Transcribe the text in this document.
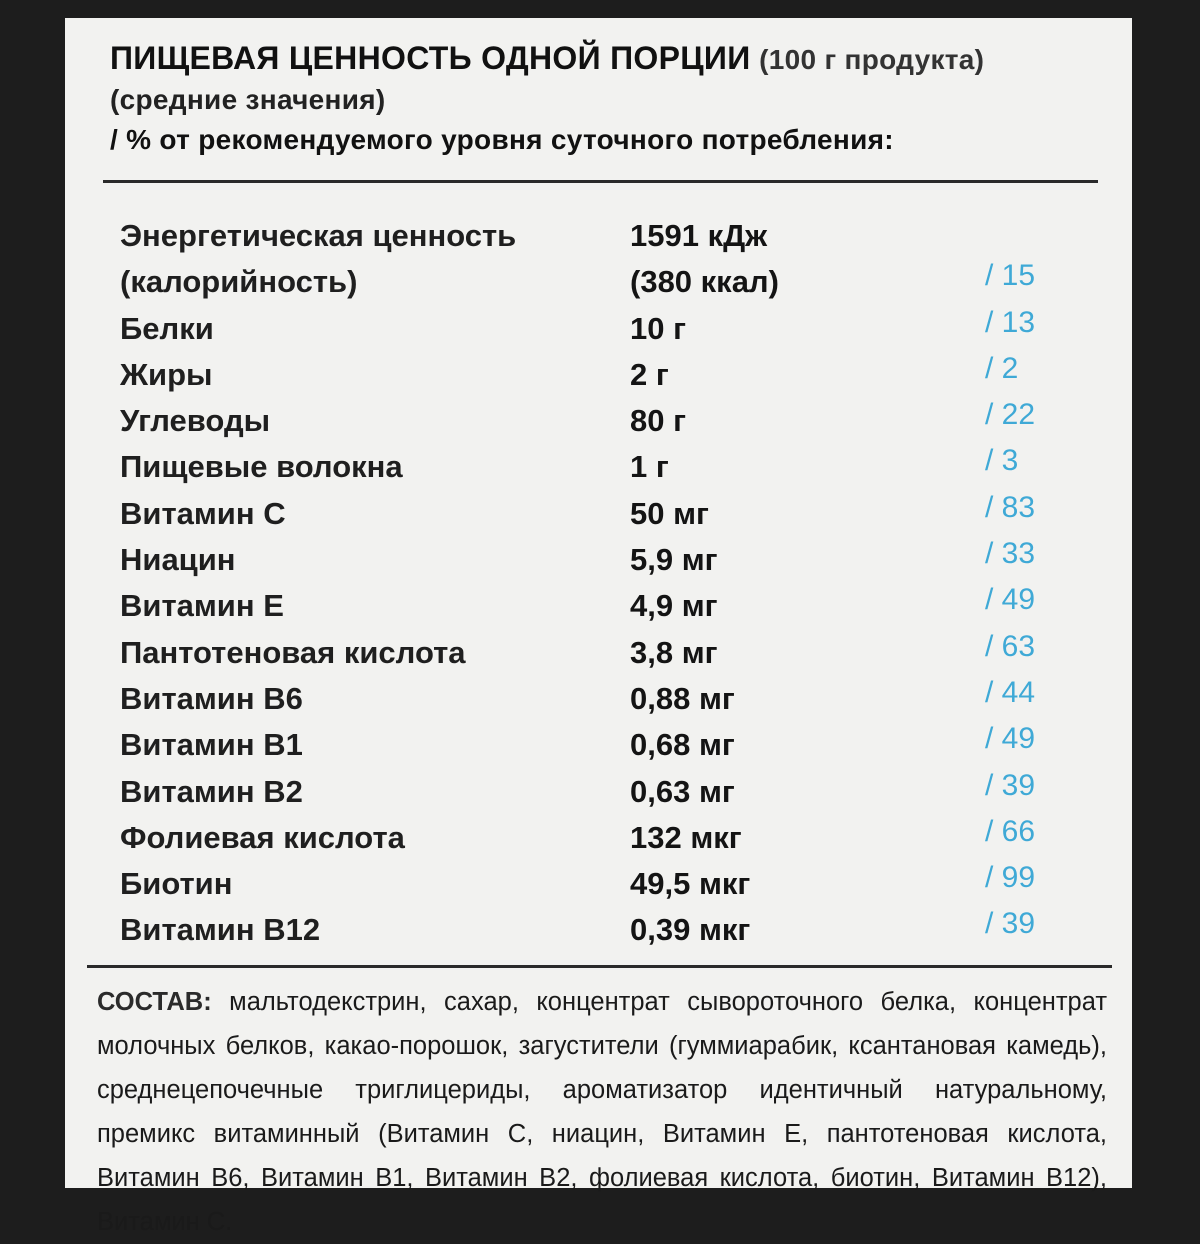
ПИЩЕВАЯ ЦЕННОСТЬ ОДНОЙ ПОРЦИИ (100 г продукта)
(средние значения)
/ % от рекомендуемого уровня суточного потребления:
Энергетическая ценность	1591 кДж
(калорийность)	(380 ккал)	/ 15
Белки	10 г	/ 13
Жиры	2 г	/ 2
Углеводы	80 г	/ 22
Пищевые волокна	1 г	/ 3
Витамин С	50 мг	/ 83
Ниацин	5,9 мг	/ 33
Витамин Е	4,9 мг	/ 49
Пантотеновая кислота	3,8 мг	/ 63
Витамин В6	0,88 мг	/ 44
Витамин В1	0,68 мг	/ 49
Витамин В2	0,63 мг	/ 39
Фолиевая кислота	132 мкг	/ 66
Биотин	49,5 мкг	/ 99
Витамин В12	0,39 мкг	/ 39
СОСТАВ: мальтодекстрин, сахар, концентрат сывороточного белка, концентрат молочных белков, какао-порошок, загустители (гуммиарабик, ксантановая камедь), среднецепочечные триглицериды, ароматизатор идентичный натуральному, премикс витаминный (Витамин С, ниацин, Витамин Е, пантотеновая кислота, Витамин В6, Витамин В1, Витамин В2, фолиевая кислота, биотин, Витамин В12), Витамин С.
